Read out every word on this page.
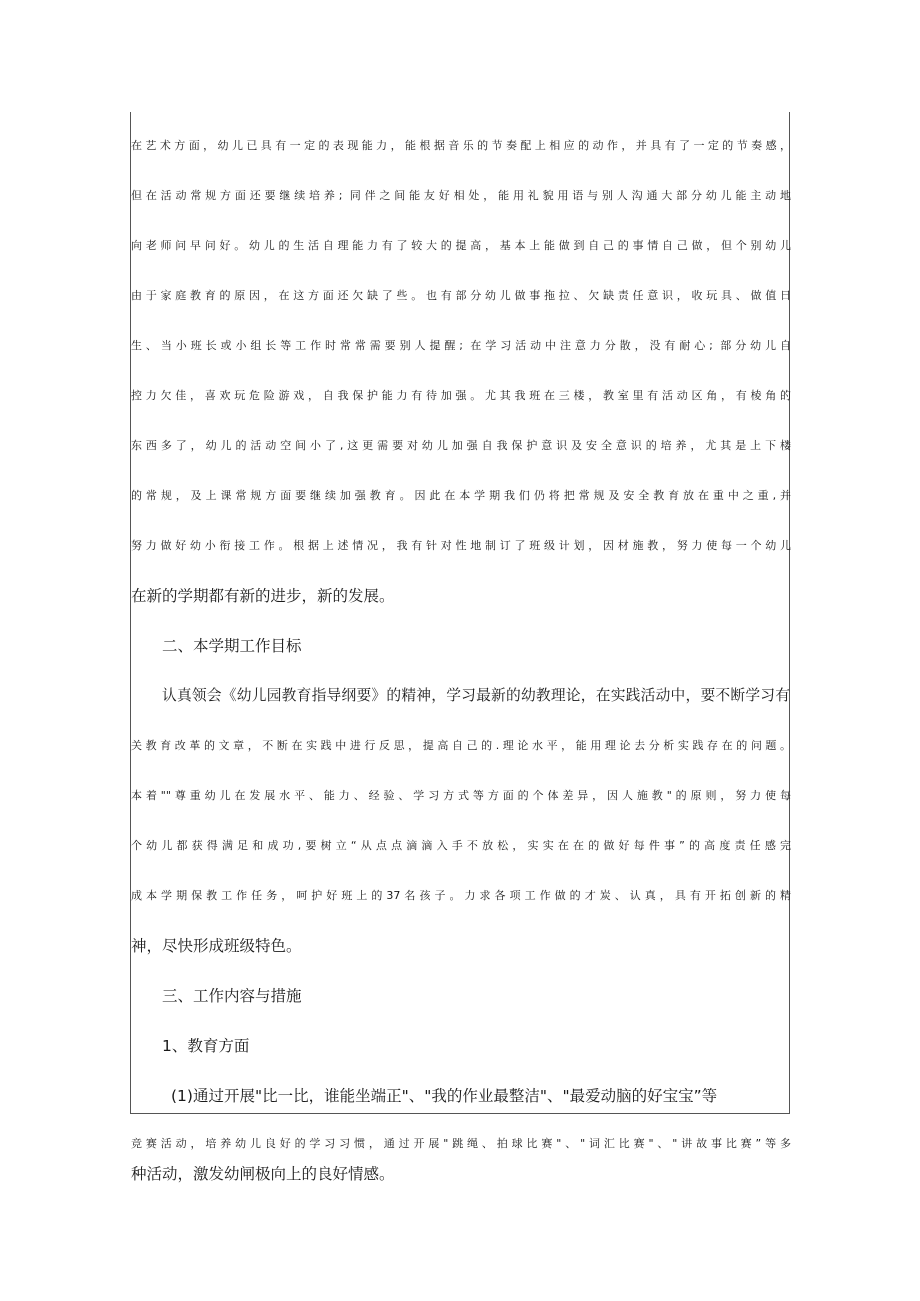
在艺术方面，幼儿已具有一定的表现能力，能根据音乐的节奏配上相应的动作，并具有了一定的节奏感，
但在活动常规方面还要继续培养; 同伴之间能友好相处，能用礼貌用语与别人沟通大部分幼儿能主动地
向老师问早问好。幼儿的生活自理能力有了较大的提高，基本上能做到自己的事情自己做，但个别幼儿
由于家庭教育的原因，在这方面还欠缺了些。也有部分幼儿做事拖拉、欠缺责任意识，收玩具、做值日
生、当小班长或小组长等工作时常常需要别人提醒; 在学习活动中注意力分散，没有耐心; 部分幼儿自
控力欠佳，喜欢玩危险游戏，自我保护能力有待加强。尤其我班在三楼，教室里有活动区角，有棱角的
东西多了，幼儿的活动空间小了,这更需要对幼儿加强自我保护意识及安全意识的培养，尤其是上下楼
的常规，及上课常规方面要继续加强教育。因此在本学期我们仍将把常规及安全教育放在重中之重,并
努力做好幼小衔接工作。根据上述情况，我有针对性地制订了班级计划，因材施教，努力使每一个幼儿
在新的学期都有新的进步，新的发展。
二、本学期工作目标
认真领会《幼儿园教育指导纲要》的精神，学习最新的幼教理论，在实践活动中，要不断学习有
关教育改革的文章，不断在实践中进行反思，提高自己的.理论水平，能用理论去分析实践存在的问题。
本着""尊重幼儿在发展水平、能力、经验、学习方式等方面的个体差异，因人施教"的原则，努力使每
个幼儿都获得满足和成功,要树立“从点点滴滴入手不放松，实实在在的做好每件事”的高度责任感完
成本学期保教工作任务，呵护好班上的37名孩子。力求各项工作做的才炭、认真，具有开拓创新的精
神，尽快形成班级特色。
三、工作内容与措施
1、教育方面
(1)通过开展"比一比，谁能坐端正"、"我的作业最整洁"、"最爱动脑的好宝宝”等
竞赛活动，培养幼儿良好的学习习惯，通过开展"跳绳、拍球比赛"、"词汇比赛"、"讲故事比赛”等多
种活动，激发幼闸极向上的良好情感。
